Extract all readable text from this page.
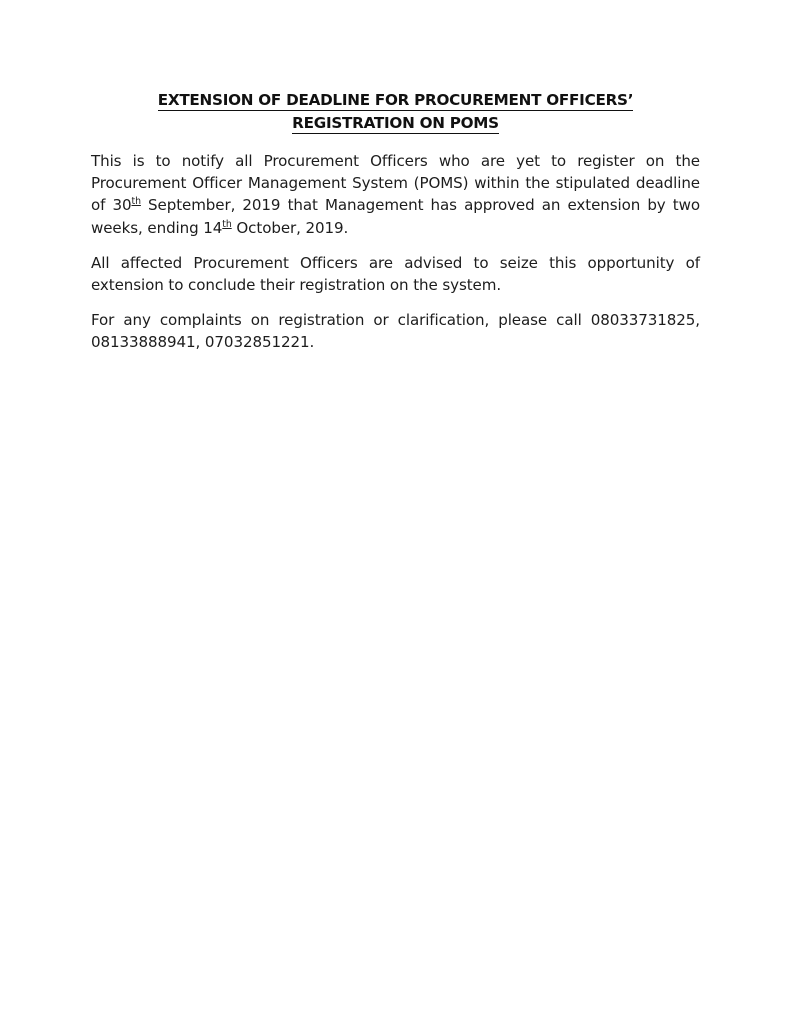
EXTENSION OF DEADLINE FOR PROCUREMENT OFFICERS’
REGISTRATION ON POMS

This is to notify all Procurement Officers who are yet to register on the Procurement Officer Management System (POMS) within the stipulated deadline of 30th September, 2019 that Management has approved an extension by two weeks, ending 14th October, 2019.

All affected Procurement Officers are advised to seize this opportunity of extension to conclude their registration on the system.

For any complaints on registration or clarification, please call 08033731825, 08133888941, 07032851221.
